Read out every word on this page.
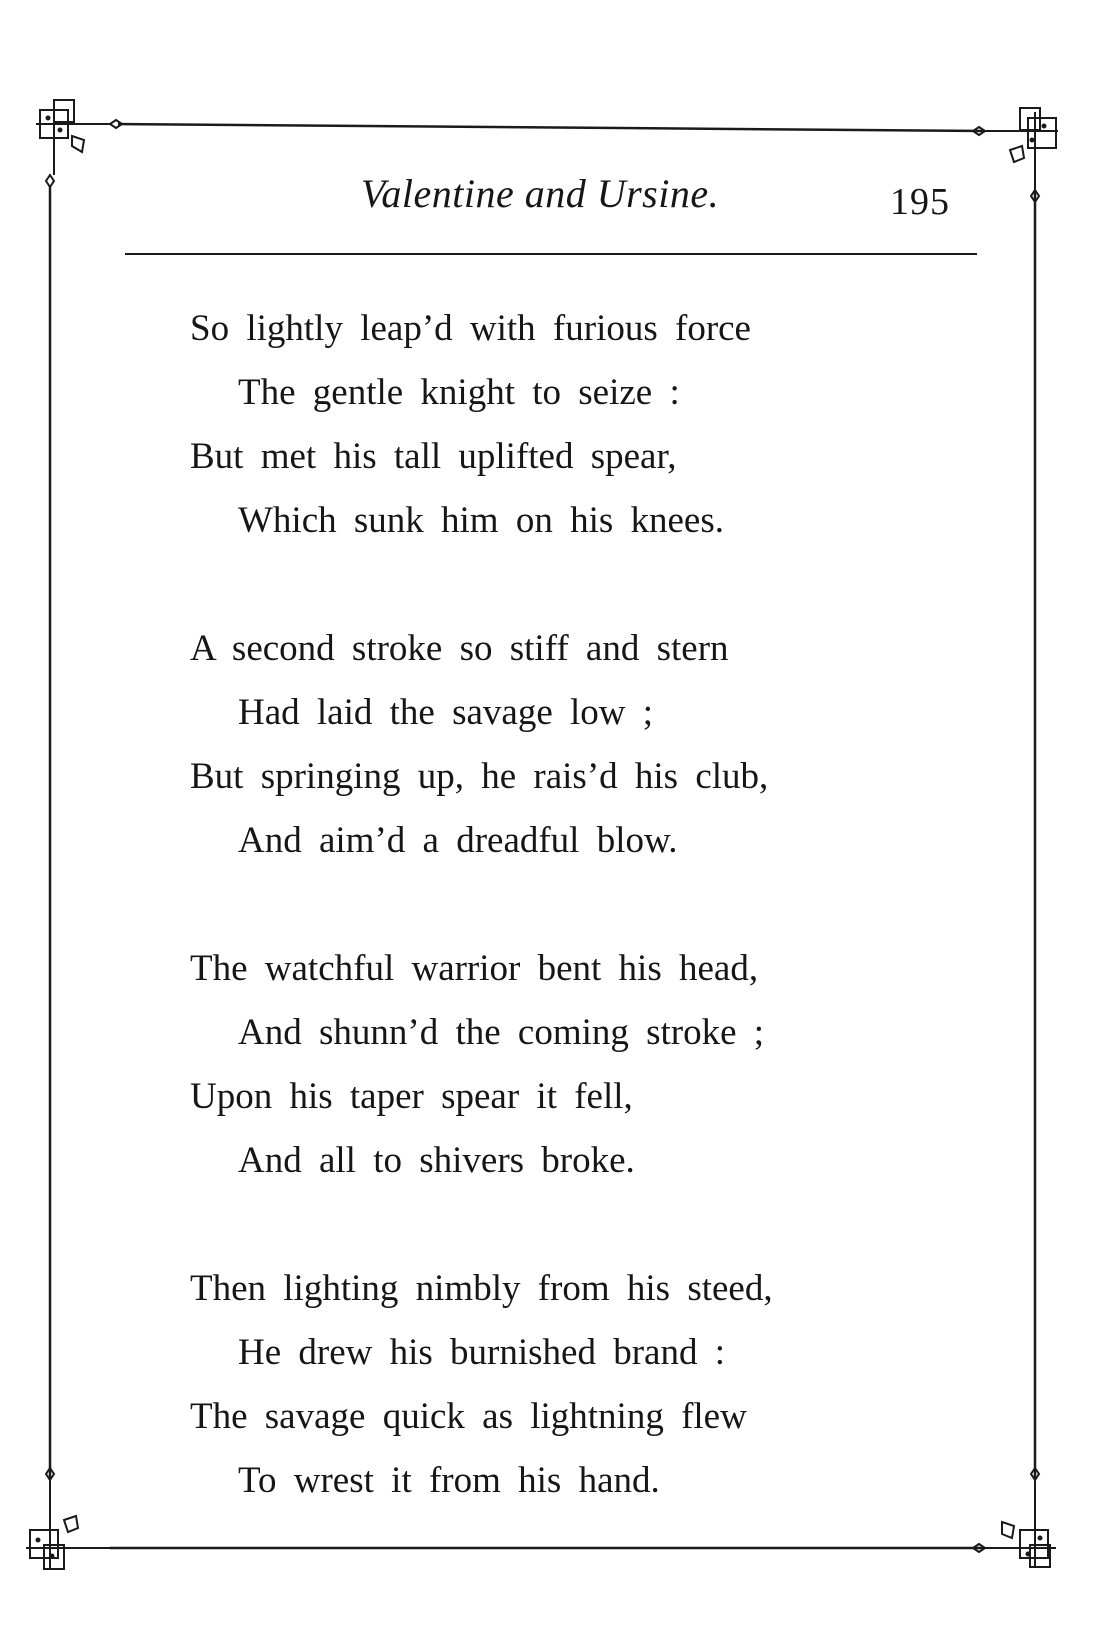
Valentine and Ursine.	195
So lightly leap’d with furious force
The gentle knight to seize :
But met his tall uplifted spear,
Which sunk him on his knees.
A second stroke so stiff and stern
Had laid the savage low ;
But springing up, he rais’d his club,
And aim’d a dreadful blow.
The watchful warrior bent his head,
And shunn’d the coming stroke ;
Upon his taper spear it fell,
And all to shivers broke.
Then lighting nimbly from his steed,
He drew his burnished brand :
The savage quick as lightning flew
To wrest it from his hand.
